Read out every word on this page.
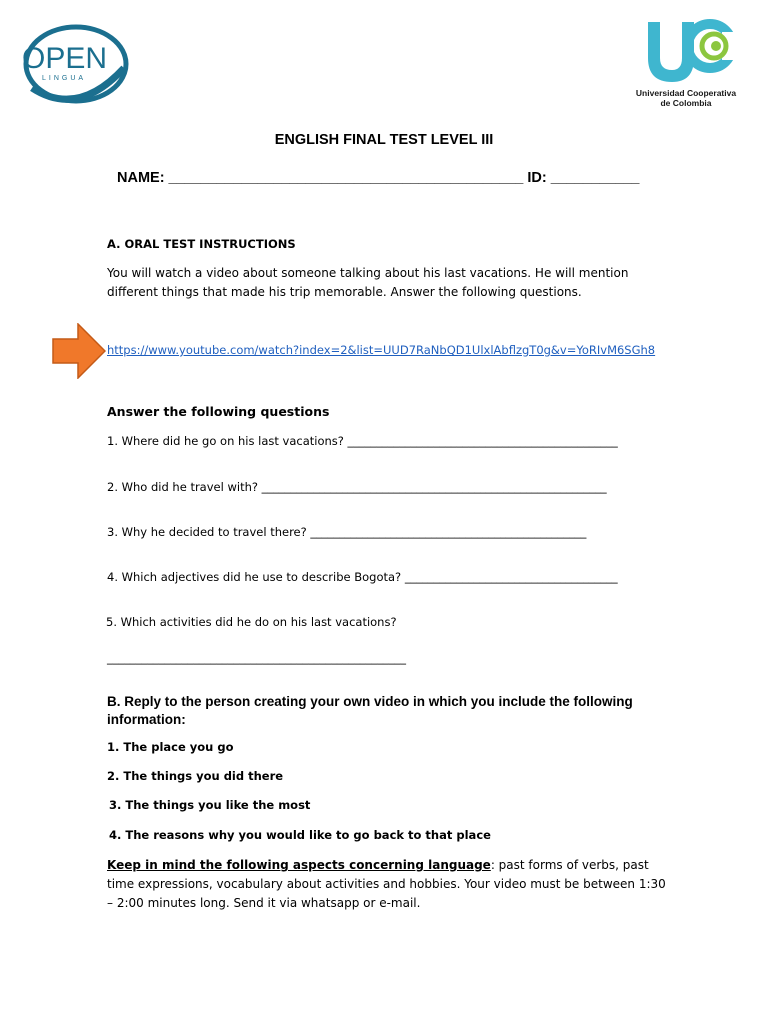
OPEN
LINGUA
Universidad Cooperativa
de Colombia
ENGLISH FINAL TEST LEVEL III
NAME: ____________________________________________ ID: ___________
A. ORAL TEST INSTRUCTIONS
You will watch a video about someone talking about his last vacations. He will mention different things that made his trip memorable. Answer the following questions.
https://www.youtube.com/watch?index=2&list=UUD7RaNbQD1UlxlAbflzgT0g&v=YoRIvM6SGh8
Answer the following questions
1. Where did he go on his last vacations? _______________________________________________
2. Who did he travel with? ____________________________________________________________
3. Why he decided to travel there? ________________________________________________
4. Which adjectives did he use to describe Bogota? _____________________________________
5. Which activities did he do on his last vacations?
____________________________________________________
B. Reply to the person creating your own video in which you include the following information:
1. The place you go
2. The things you did there
3. The things you like the most
4. The reasons why you would like to go back to that place
Keep in mind the following aspects concerning language: past forms of verbs, past time expressions, vocabulary about activities and hobbies. Your video must be between 1:30 – 2:00 minutes long. Send it via whatsapp or e-mail.
